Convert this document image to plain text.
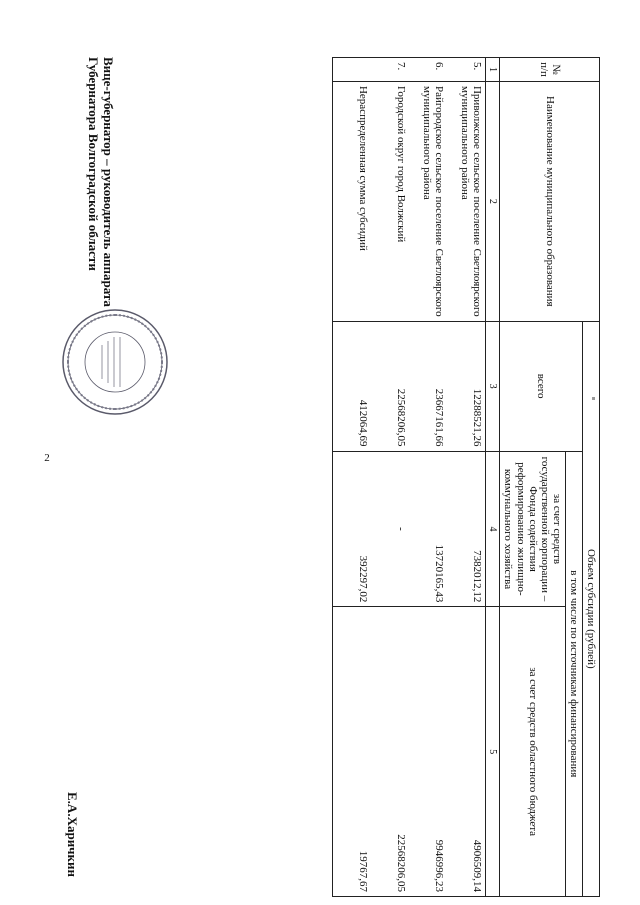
2
№ п/п	Наименование муниципального образования	Объем субсидии (рублей)		
		всего	в том числе по источникам финансирования	
			за счет средств государственной корпорации – Фонда содействия реформированию жилищно-коммунального хозяйства	за счет средств областного бюджета
1	2	3	4	5
5.	Приволжское сельское поселение Светлоярского муниципального района	12288521,26	7382012,12	4906509,14
6.	Райгородское сельское поселение Светлоярского муниципального района	23667161,66	13720165,43	9946996,23
7.	Городской округ город Волжский	22568206,05	-	22568206,05
	Нераспределенная сумма субсидий	412064,69	392297,02	19767,67
Вице-губернатор – руководитель аппарата Губернатора Волгоградской области
Е.А.Харичкин
